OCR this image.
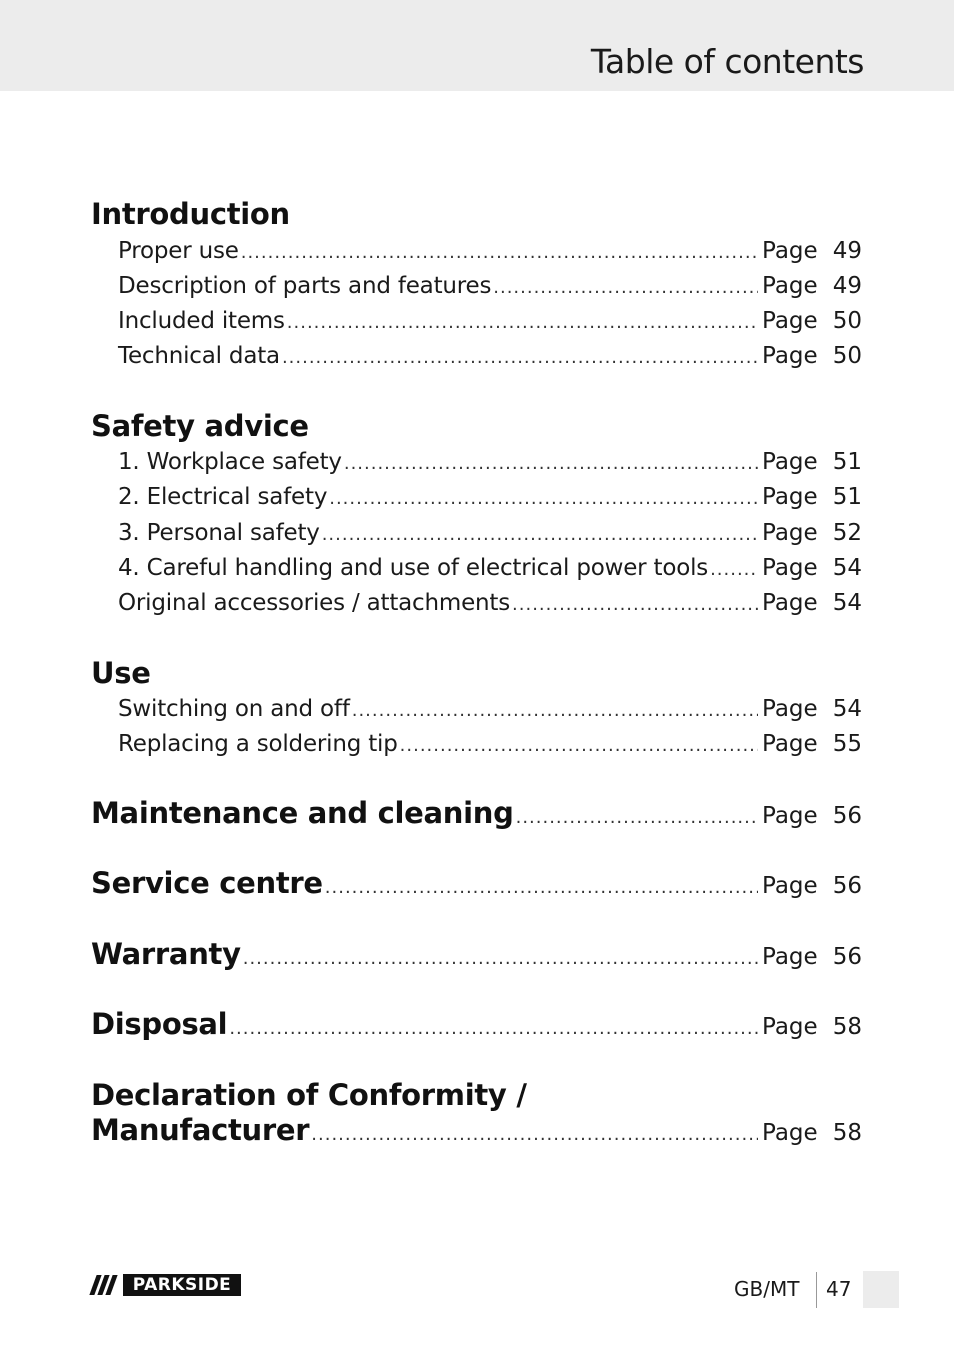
Table of contents
Introduction
Proper use .....	Page 49
Description of parts and features .....	Page 49
Included items .....	Page 50
Technical data .....	Page 50
Safety advice
1. Workplace safety .....	Page 51
2. Electrical safety .....	Page 51
3. Personal safety .....	Page 52
4. Careful handling and use of electrical power tools ..... Page 54
Original accessories / attachments .....	Page 54
Use
Switching on and off .....	Page 54
Replacing a soldering tip .....	Page 55
Maintenance and cleaning .....	Page 56
Service centre .....	Page 56
Warranty .....	Page 56
Disposal .....	Page 58
Declaration of Conformity /
Manufacturer .....	Page 58
PARKSIDE	GB/MT 47
